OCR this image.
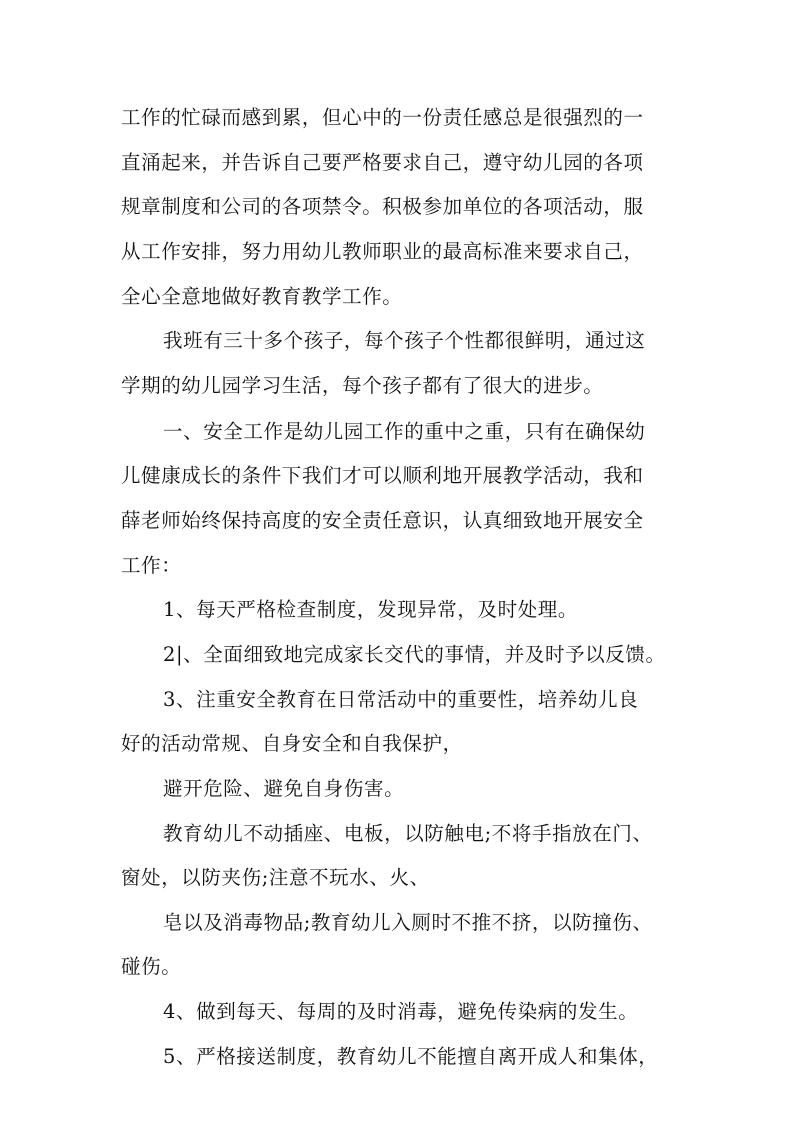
工作的忙碌而感到累，但心中的一份责任感总是很强烈的一
直涌起来，并告诉自己要严格要求自己，遵守幼儿园的各项
规章制度和公司的各项禁令。积极参加单位的各项活动，服
从工作安排，努力用幼儿教师职业的最高标准来要求自己，
全心全意地做好教育教学工作。
我班有三十多个孩子，每个孩子个性都很鲜明，通过这
学期的幼儿园学习生活，每个孩子都有了很大的进步。
一、安全工作是幼儿园工作的重中之重，只有在确保幼
儿健康成长的条件下我们才可以顺利地开展教学活动，我和
薛老师始终保持高度的安全责任意识，认真细致地开展安全
工作：
1、每天严格检查制度，发现异常，及时处理。
2|、全面细致地完成家长交代的事情，并及时予以反馈。
3、注重安全教育在日常活动中的重要性，培养幼儿良
好的活动常规、自身安全和自我保护，
避开危险、避免自身伤害。
教育幼儿不动插座、电板，以防触电;不将手指放在门、
窗处，以防夹伤;注意不玩水、火、
皂以及消毒物品;教育幼儿入厕时不推不挤，以防撞伤、
碰伤。
4、做到每天、每周的及时消毒，避免传染病的发生。
5、严格接送制度，教育幼儿不能擅自离开成人和集体，
